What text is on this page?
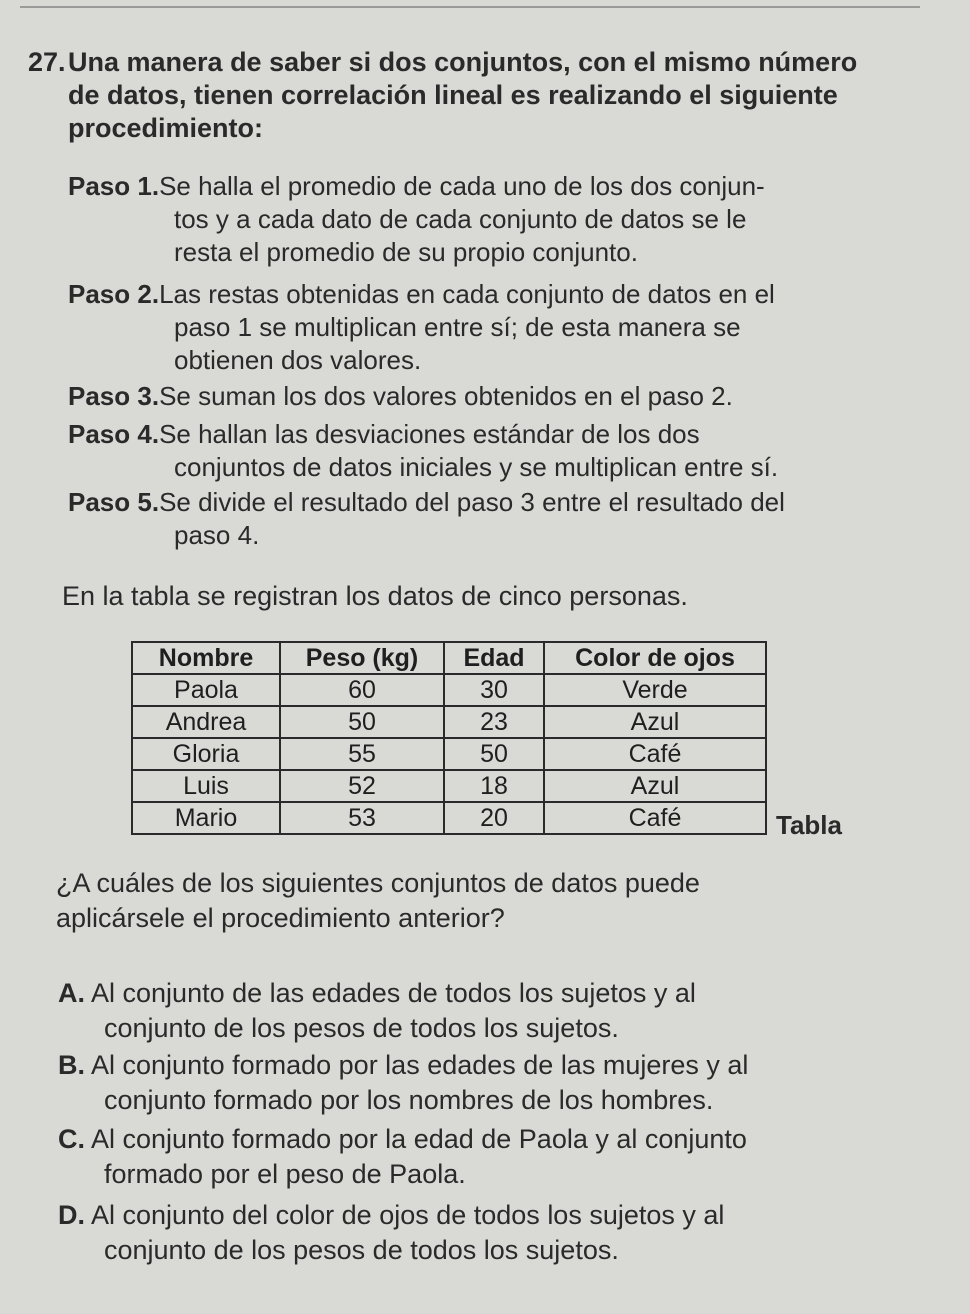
27. Una manera de saber si dos conjuntos, con el mismo número
de datos, tienen correlación lineal es realizando el siguiente
procedimiento:
Paso 1.Se halla el promedio de cada uno de los dos conjun-
tos y a cada dato de cada conjunto de datos se le
resta el promedio de su propio conjunto.
Paso 2.Las restas obtenidas en cada conjunto de datos en el
paso 1 se multiplican entre sí; de esta manera se
obtienen dos valores.
Paso 3.Se suman los dos valores obtenidos en el paso 2.
Paso 4.Se hallan las desviaciones estándar de los dos
conjuntos de datos iniciales y se multiplican entre sí.
Paso 5.Se divide el resultado del paso 3 entre el resultado del
paso 4.
En la tabla se registran los datos de cinco personas.
Nombre	Peso (kg)	Edad	Color de ojos
Paola	60	30	Verde
Andrea	50	23	Azul
Gloria	55	50	Café
Luis	52	18	Azul
Mario	53	20	Café	Tabla
¿A cuáles de los siguientes conjuntos de datos puede
aplicársele el procedimiento anterior?
A. Al conjunto de las edades de todos los sujetos y al
conjunto de los pesos de todos los sujetos.
B. Al conjunto formado por las edades de las mujeres y al
conjunto formado por los nombres de los hombres.
C. Al conjunto formado por la edad de Paola y al conjunto
formado por el peso de Paola.
D. Al conjunto del color de ojos de todos los sujetos y al
conjunto de los pesos de todos los sujetos.
